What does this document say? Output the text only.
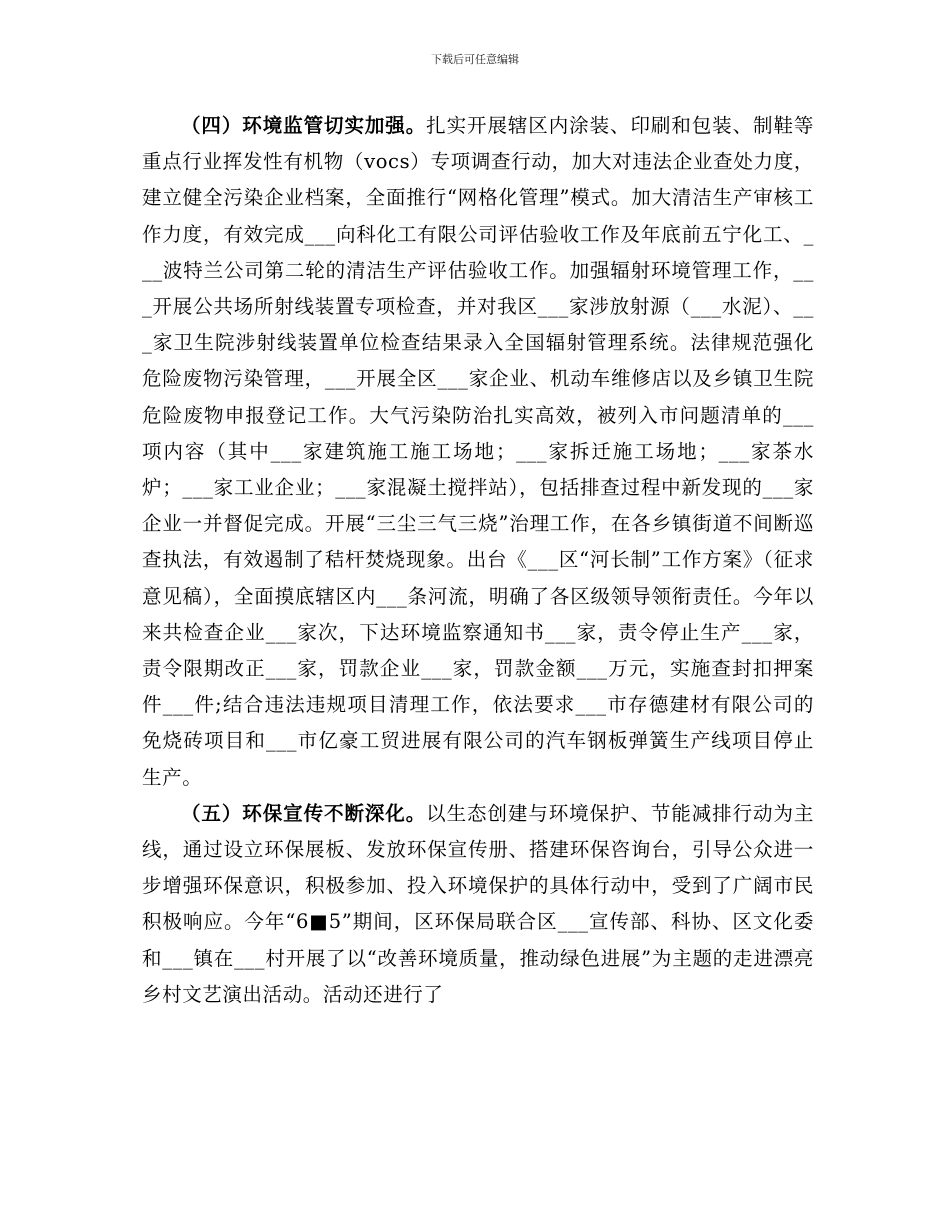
下载后可任意编辑

（四）环境监管切实加强。扎实开展辖区内涂装、印刷和包装、制鞋等重点行业挥发性有机物（vocs）专项调查行动，加大对违法企业查处力度，建立健全污染企业档案，全面推行“网格化管理”模式。加大清洁生产审核工作力度，有效完成___向科化工有限公司评估验收工作及年底前五宁化工、___波特兰公司第二轮的清洁生产评估验收工作。加强辐射环境管理工作，___开展公共场所射线装置专项检查，并对我区___家涉放射源（___水泥）、___家卫生院涉射线装置单位检查结果录入全国辐射管理系统。法律规范强化危险废物污染管理，___开展全区___家企业、机动车维修店以及乡镇卫生院危险废物申报登记工作。大气污染防治扎实高效，被列入市问题清单的___项内容（其中___家建筑施工施工场地；___家拆迁施工场地；___家茶水炉；___家工业企业；___家混凝土搅拌站），包括排查过程中新发现的___家企业一并督促完成。开展“三尘三气三烧”治理工作，在各乡镇街道不间断巡查执法，有效遏制了秸杆焚烧现象。出台《___区“河长制”工作方案》（征求意见稿），全面摸底辖区内___条河流，明确了各区级领导领衔责任。今年以来共检查企业___家次，下达环境监察通知书___家，责令停止生产___家，责令限期改正___家，罚款企业___家，罚款金额___万元，实施查封扣押案件___件;结合违法违规项目清理工作，依法要求___市存德建材有限公司的免烧砖项目和___市亿豪工贸进展有限公司的汽车钢板弹簧生产线项目停止生产。

（五）环保宣传不断深化。以生态创建与环境保护、节能减排行动为主线，通过设立环保展板、发放环保宣传册、搭建环保咨询台，引导公众进一步增强环保意识，积极参加、投入环境保护的具体行动中，受到了广阔市民积极响应。今年“6■5”期间，区环保局联合区___宣传部、科协、区文化委和___镇在___村开展了以“改善环境质量，推动绿色进展”为主题的走进漂亮乡村文艺演出活动。活动还进行了
